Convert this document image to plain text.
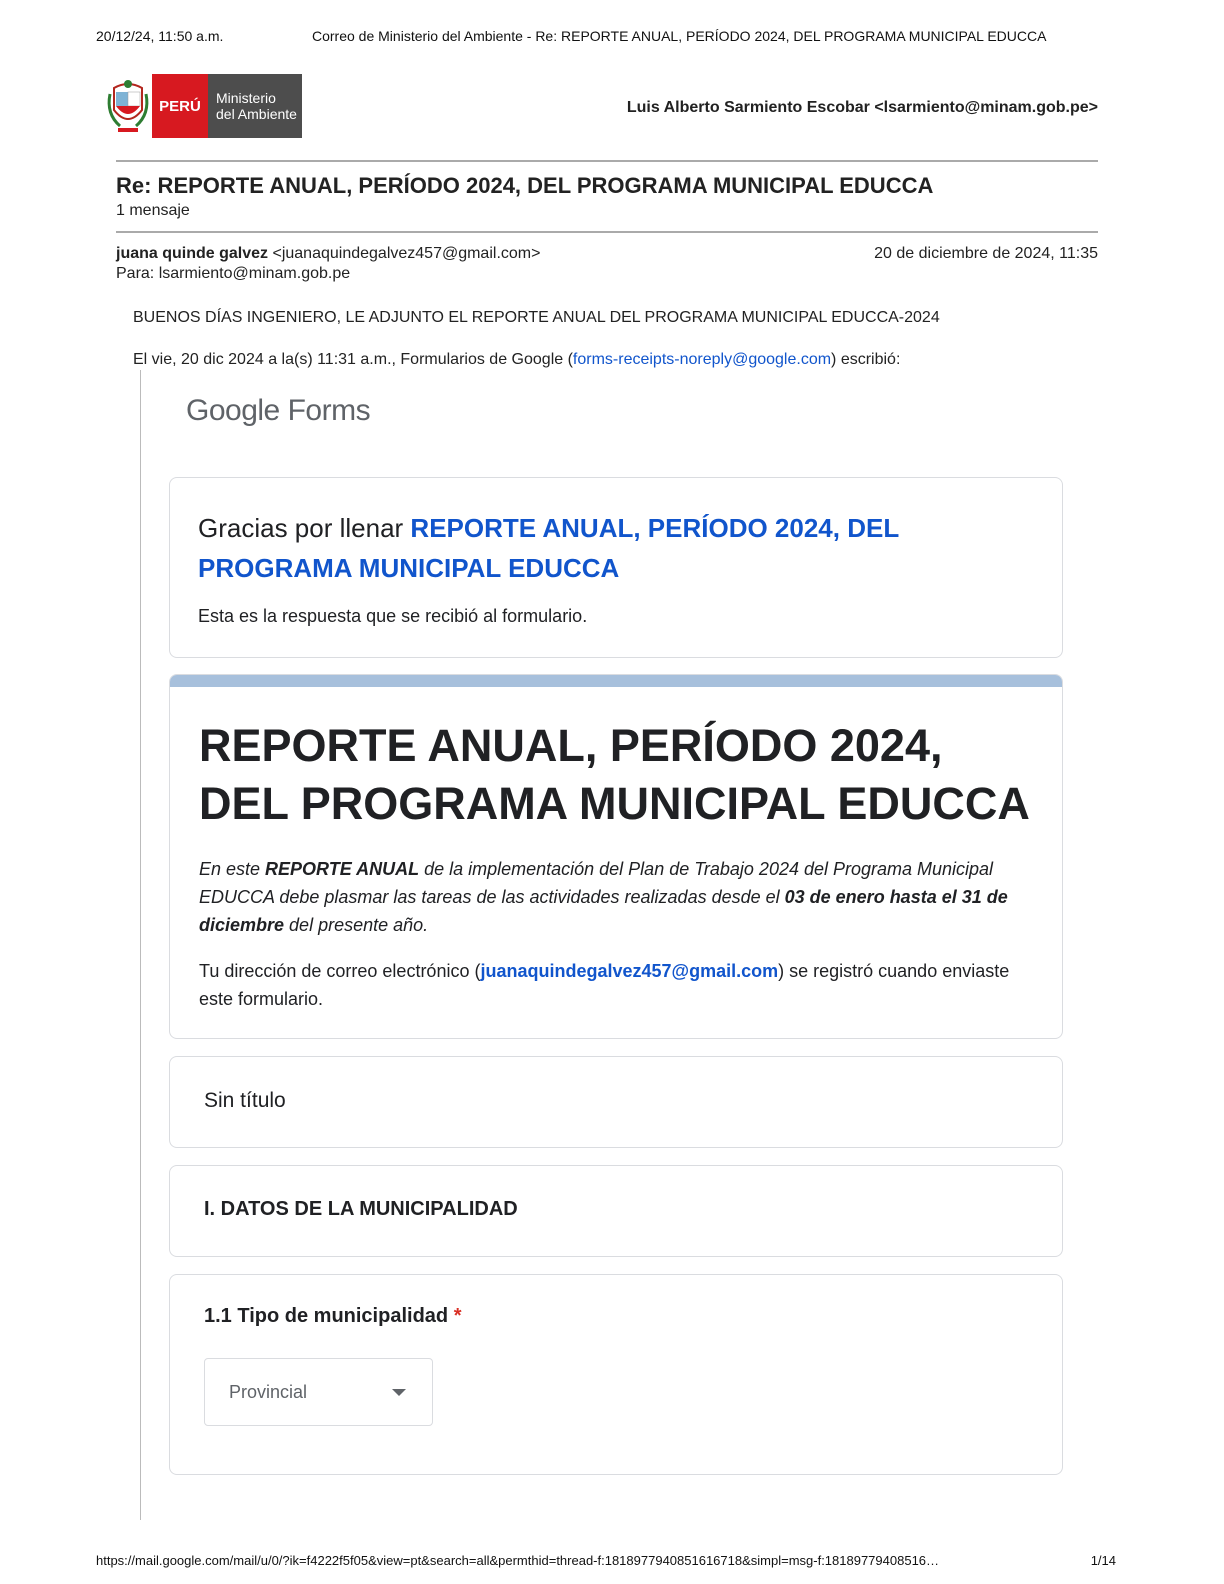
20/12/24, 11:50 a.m.	Correo de Ministerio del Ambiente - Re: REPORTE ANUAL, PERÍODO 2024, DEL PROGRAMA MUNICIPAL EDUCCA
PERÚ	Ministerio
del Ambiente	Luis Alberto Sarmiento Escobar <lsarmiento@minam.gob.pe>
Re: REPORTE ANUAL, PERÍODO 2024, DEL PROGRAMA MUNICIPAL EDUCCA
1 mensaje
juana quinde galvez <juanaquindegalvez457@gmail.com>
Para: lsarmiento@minam.gob.pe
20 de diciembre de 2024, 11:35
BUENOS DÍAS INGENIERO, LE ADJUNTO EL REPORTE ANUAL DEL PROGRAMA MUNICIPAL EDUCCA-2024
El vie, 20 dic 2024 a la(s) 11:31 a.m., Formularios de Google (forms-receipts-noreply@google.com) escribió:
Google Forms
Gracias por llenar REPORTE ANUAL, PERÍODO 2024, DEL PROGRAMA MUNICIPAL EDUCCA
Esta es la respuesta que se recibió al formulario.
REPORTE ANUAL, PERÍODO 2024, DEL PROGRAMA MUNICIPAL EDUCCA
En este REPORTE ANUAL de la implementación del Plan de Trabajo 2024 del Programa Municipal EDUCCA debe plasmar las tareas de las actividades realizadas desde el 03 de enero hasta el 31 de diciembre del presente año.
Tu dirección de correo electrónico (juanaquindegalvez457@gmail.com) se registró cuando enviaste este formulario.
Sin título
I. DATOS DE LA MUNICIPALIDAD
1.1 Tipo de municipalidad *
Provincial
https://mail.google.com/mail/u/0/?ik=f4222f5f05&view=pt&search=all&permthid=thread-f:1818977940851616718&simpl=msg-f:18189779408516…	1/14
